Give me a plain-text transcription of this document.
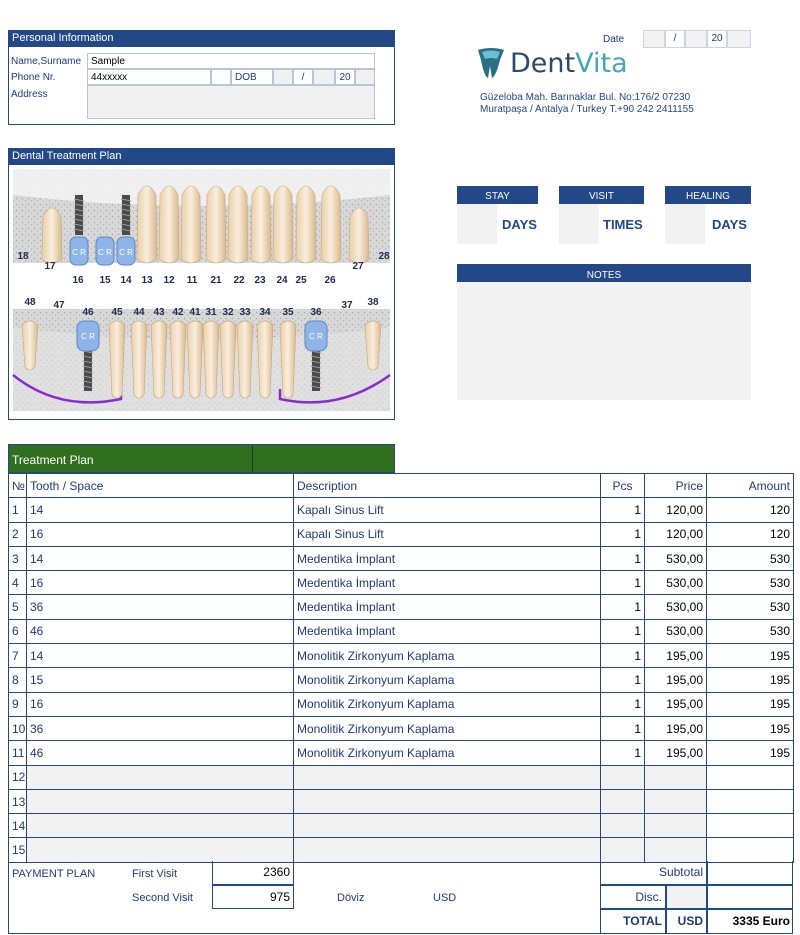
Personal Information
Name,Surname Sample
Phone Nr.	44xxxxx	DOB	/	20
Address
Date	/	20
DentVita
Güzeloba Mah. Barınaklar Bul. No:176/2 07230
Muratpaşa / Antalya / Turkey T.+90 242 2411155
Dental Treatment Plan
C R C R C R
C R	C R
18
17
16 15 14 13 12 11 21 22 23 24 25 26
27
28
48 47
46 45 44 43 42 41 31 32 33 34 35 36
37 38
STAY
DAYS
VISIT
TIMES
HEALING
DAYS
NOTES
Treatment Plan
№	Tooth / Space	Description	Pcs	Price	Amount
1	14	Kapalı Sinus Lift	1	120,00	120
2	16	Kapalı Sinus Lift	1	120,00	120
3	14	Medentika İmplant	1	530,00	530
4	16	Medentika İmplant	1	530,00	530
5	36	Medentika İmplant	1	530,00	530
6	46	Medentika İmplant	1	530,00	530
7	14	Monolitik Zirkonyum Kaplama	1	195,00	195
8	15	Monolitik Zirkonyum Kaplama	1	195,00	195
9	16	Monolitik Zirkonyum Kaplama	1	195,00	195
10	36	Monolitik Zirkonyum Kaplama	1	195,00	195
11	46	Monolitik Zirkonyum Kaplama	1	195,00	195
12					
13					
14					
15					
PAYMENT PLAN	First Visit	2360
Second Visit	975	Döviz	USD
Subtotal
Disc.
TOTAL	USD	3335 Euro
